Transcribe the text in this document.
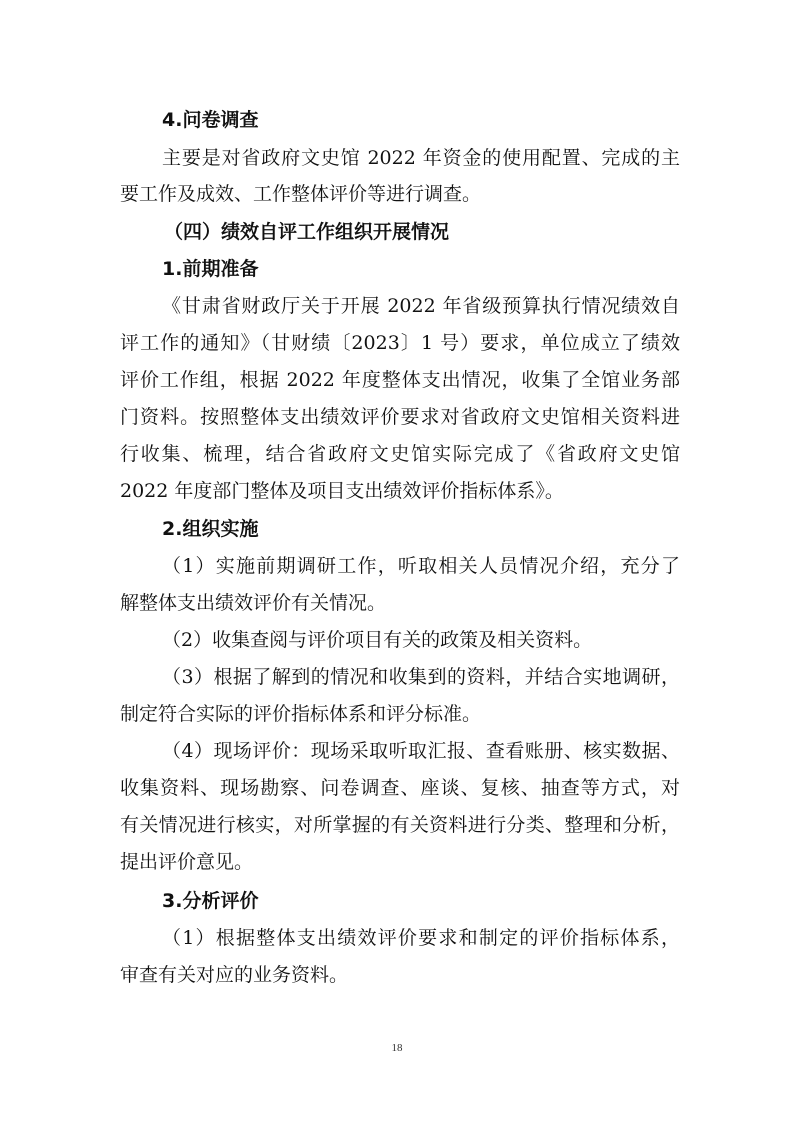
4.问卷调查
主要是对省政府文史馆 2022 年资金的使用配置、完成的主
要工作及成效、工作整体评价等进行调查。
（四）绩效自评工作组织开展情况
1.前期准备
《甘肃省财政厅关于开展 2022 年省级预算执行情况绩效自
评工作的通知》（甘财绩〔2023〕1 号）要求，单位成立了绩效
评价工作组，根据 2022 年度整体支出情况，收集了全馆业务部
门资料。按照整体支出绩效评价要求对省政府文史馆相关资料进
行收集、梳理，结合省政府文史馆实际完成了《省政府文史馆
2022 年度部门整体及项目支出绩效评价指标体系》。
2.组织实施
（1）实施前期调研工作，听取相关人员情况介绍，充分了
解整体支出绩效评价有关情况。
（2）收集查阅与评价项目有关的政策及相关资料。
（3）根据了解到的情况和收集到的资料，并结合实地调研，
制定符合实际的评价指标体系和评分标准。
（4）现场评价：现场采取听取汇报、查看账册、核实数据、
收集资料、现场勘察、问卷调查、座谈、复核、抽查等方式，对
有关情况进行核实，对所掌握的有关资料进行分类、整理和分析，
提出评价意见。
3.分析评价
（1）根据整体支出绩效评价要求和制定的评价指标体系，
审查有关对应的业务资料。
18
